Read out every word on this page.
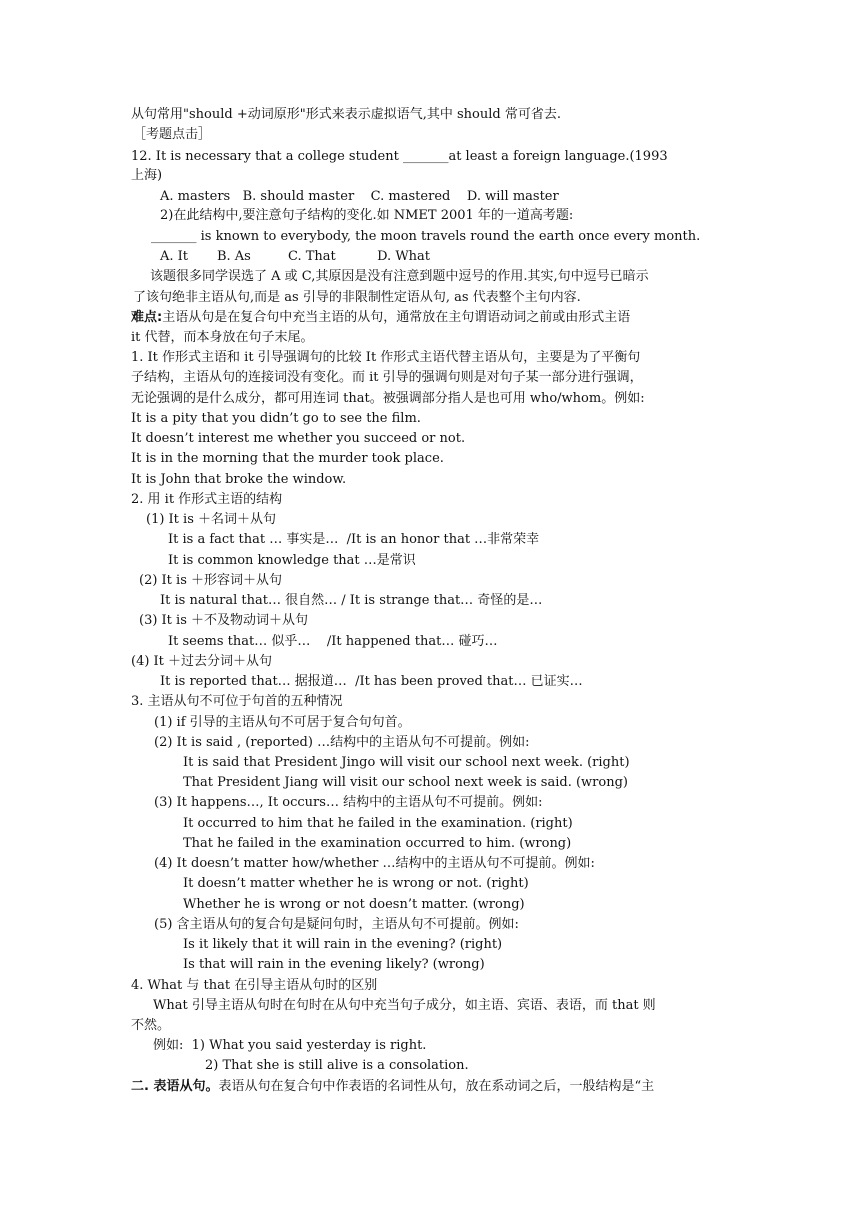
从句常用"should +动词原形"形式来表示虚拟语气,其中 should 常可省去.
［考题点击］
12. It is necessary that a college student _______at least a foreign language.(1993
上海)
A. masters   B. should master    C. mastered    D. will master
2)在此结构中,要注意句子结构的变化.如 NMET 2001 年的一道高考题:
_______ is known to everybody, the moon travels round the earth once every month.
A. It       B. As         C. That          D. What
该题很多同学误选了 A 或 C,其原因是没有注意到题中逗号的作用.其实,句中逗号已暗示
了该句绝非主语从句,而是 as 引导的非限制性定语从句, as 代表整个主句内容.
难点:主语从句是在复合句中充当主语的从句，通常放在主句谓语动词之前或由形式主语
it 代替，而本身放在句子末尾。
1. It 作形式主语和 it 引导强调句的比较 It 作形式主语代替主语从句，主要是为了平衡句
子结构，主语从句的连接词没有变化。而 it 引导的强调句则是对句子某一部分进行强调，
无论强调的是什么成分，都可用连词 that。被强调部分指人是也可用 who/whom。例如:
It is a pity that you didn’t go to see the film.
It doesn’t interest me whether you succeed or not.
It is in the morning that the murder took place.
It is John that broke the window.
2. 用 it 作形式主语的结构
(1) It is ＋名词＋从句
It is a fact that … 事实是…  /It is an honor that …非常荣幸
It is common knowledge that …是常识
(2) It is ＋形容词＋从句
It is natural that… 很自然… / It is strange that… 奇怪的是…
(3) It is ＋不及物动词＋从句
It seems that… 似乎…    /It happened that… 碰巧…
(4) It ＋过去分词＋从句
It is reported that… 据报道…  /It has been proved that… 已证实…
3. 主语从句不可位于句首的五种情况
(1) if 引导的主语从句不可居于复合句句首。
(2) It is said , (reported) …结构中的主语从句不可提前。例如:
It is said that President Jingo will visit our school next week. (right)
That President Jiang will visit our school next week is said. (wrong)
(3) It happens…, It occurs… 结构中的主语从句不可提前。例如:
It occurred to him that he failed in the examination. (right)
That he failed in the examination occurred to him. (wrong)
(4) It doesn’t matter how/whether …结构中的主语从句不可提前。例如:
It doesn’t matter whether he is wrong or not. (right)
Whether he is wrong or not doesn’t matter. (wrong)
(5) 含主语从句的复合句是疑问句时，主语从句不可提前。例如:
Is it likely that it will rain in the evening? (right)
Is that will rain in the evening likely? (wrong)
4. What 与 that 在引导主语从句时的区别
What 引导主语从句时在句时在从句中充当句子成分，如主语、宾语、表语，而 that 则
不然。
例如:  1) What you said yesterday is right.
2) That she is still alive is a consolation.
二. 表语从句。表语从句在复合句中作表语的名词性从句，放在系动词之后，一般结构是“主
